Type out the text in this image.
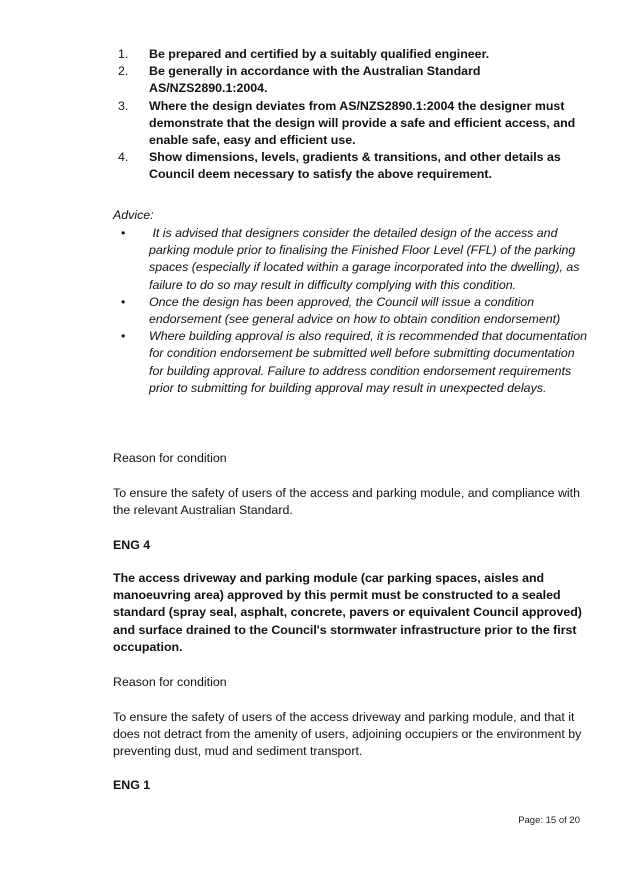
1. Be prepared and certified by a suitably qualified engineer.
2. Be generally in accordance with the Australian Standard AS/NZS2890.1:2004.
3. Where the design deviates from AS/NZS2890.1:2004 the designer must demonstrate that the design will provide a safe and efficient access, and enable safe, easy and efficient use.
4. Show dimensions, levels, gradients & transitions, and other details as Council deem necessary to satisfy the above requirement.
Advice:
• It is advised that designers consider the detailed design of the access and parking module prior to finalising the Finished Floor Level (FFL) of the parking spaces (especially if located within a garage incorporated into the dwelling), as failure to do so may result in difficulty complying with this condition.
• Once the design has been approved, the Council will issue a condition endorsement (see general advice on how to obtain condition endorsement)
• Where building approval is also required, it is recommended that documentation for condition endorsement be submitted well before submitting documentation for building approval. Failure to address condition endorsement requirements prior to submitting for building approval may result in unexpected delays.

Reason for condition

To ensure the safety of users of the access and parking module, and compliance with the relevant Australian Standard.

ENG 4

The access driveway and parking module (car parking spaces, aisles and manoeuvring area) approved by this permit must be constructed to a sealed standard (spray seal, asphalt, concrete, pavers or equivalent Council approved) and surface drained to the Council's stormwater infrastructure prior to the first occupation.

Reason for condition

To ensure the safety of users of the access driveway and parking module, and that it does not detract from the amenity of users, adjoining occupiers or the environment by preventing dust, mud and sediment transport.

ENG 1

Page: 15 of 20
